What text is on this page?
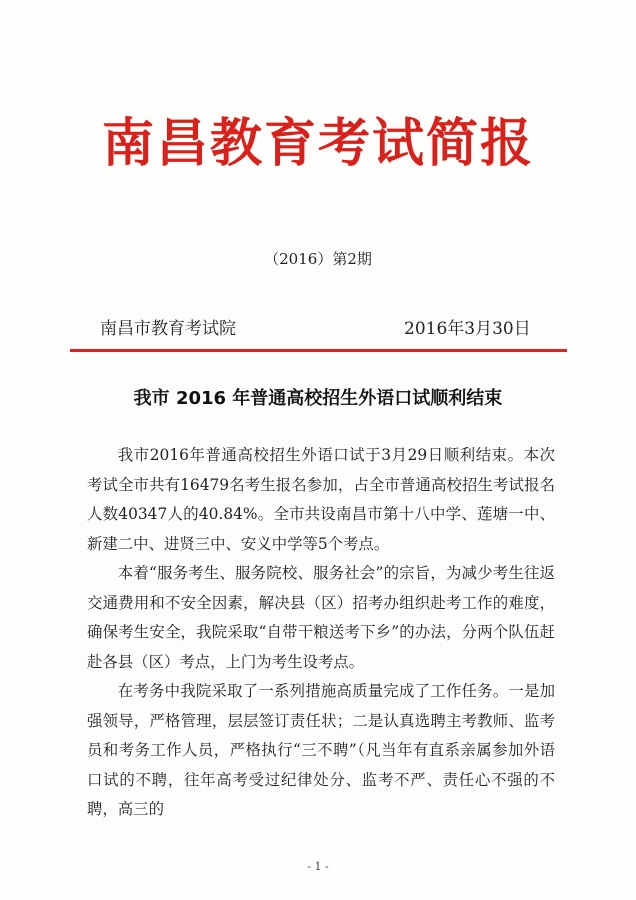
南昌教育考试简报
（2016）第2期
南昌市教育考试院	2016年3月30日
我市 2016 年普通高校招生外语口试顺利结束

我市2016年普通高校招生外语口试于3月29日顺利结束。本次考试全市共有16479名考生报名参加，占全市普通高校招生考试报名人数40347人的40.84%。全市共设南昌市第十八中学、莲塘一中、新建二中、进贤三中、安义中学等5个考点。

本着“服务考生、服务院校、服务社会”的宗旨，为减少考生往返交通费用和不安全因素，解决县（区）招考办组织赴考工作的难度，确保考生安全，我院采取“自带干粮送考下乡”的办法，分两个队伍赶赴各县（区）考点，上门为考生设考点。

在考务中我院采取了一系列措施高质量完成了工作任务。一是加强领导，严格管理，层层签订责任状；二是认真选聘主考教师、监考员和考务工作人员，严格执行“三不聘”（凡当年有直系亲属参加外语口试的不聘，往年高考受过纪律处分、监考不严、责任心不强的不聘，高三的

- 1 -
